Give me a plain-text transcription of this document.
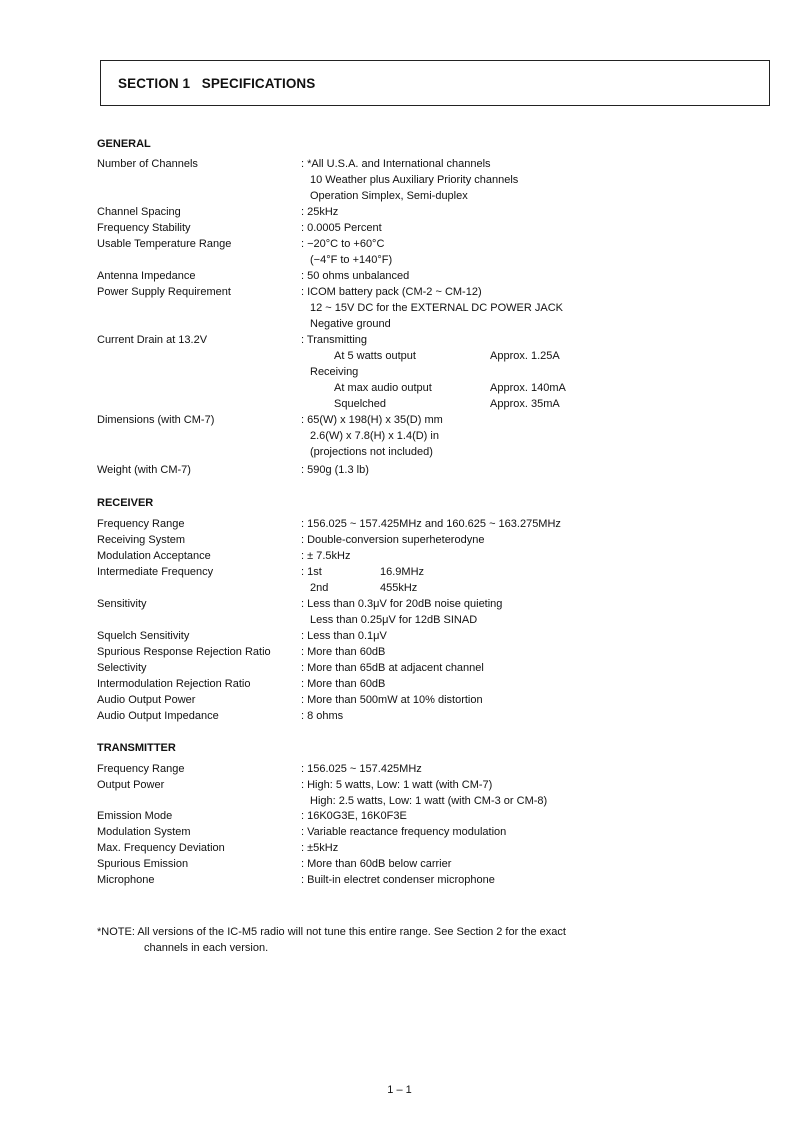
SECTION 1   SPECIFICATIONS
GENERAL
Number of Channels	: *All U.S.A. and International channels
10 Weather plus Auxiliary Priority channels
Operation Simplex, Semi-duplex
Channel Spacing	: 25kHz
Frequency Stability	: 0.0005 Percent
Usable Temperature Range	: −20°C to +60°C
(−4°F to +140°F)
Antenna Impedance	: 50 ohms unbalanced
Power Supply Requirement	: ICOM battery pack (CM-2 ~ CM-12)
12 ~ 15V DC for the EXTERNAL DC POWER JACK
Negative ground
Current Drain at 13.2V	: Transmitting
At 5 watts output	Approx. 1.25A
Receiving
At max audio output	Approx. 140mA
Squelched	Approx. 35mA
Dimensions (with CM-7)	: 65(W) x 198(H) x 35(D) mm
2.6(W) x 7.8(H) x 1.4(D) in
(projections not included)
Weight (with CM-7)	: 590g (1.3 lb)
RECEIVER
Frequency Range	: 156.025 ~ 157.425MHz and 160.625 ~ 163.275MHz
Receiving System	: Double-conversion superheterodyne
Modulation Acceptance	: ± 7.5kHz
Intermediate Frequency	: 1st	16.9MHz
2nd	455kHz
Sensitivity	: Less than 0.3μV for 20dB noise quieting
Less than 0.25μV for 12dB SINAD
Squelch Sensitivity	: Less than 0.1μV
Spurious Response Rejection Ratio	: More than 60dB
Selectivity	: More than 65dB at adjacent channel
Intermodulation Rejection Ratio	: More than 60dB
Audio Output Power	: More than 500mW at 10% distortion
Audio Output Impedance	: 8 ohms
TRANSMITTER
Frequency Range	: 156.025 ~ 157.425MHz
Output Power	: High: 5 watts, Low: 1 watt (with CM-7)
High: 2.5 watts, Low: 1 watt (with CM-3 or CM-8)
Emission Mode	: 16K0G3E, 16K0F3E
Modulation System	: Variable reactance frequency modulation
Max. Frequency Deviation	: ±5kHz
Spurious Emission	: More than 60dB below carrier
Microphone	: Built-in electret condenser microphone
*NOTE: All versions of the IC-M5 radio will not tune this entire range. See Section 2 for the exact
channels in each version.
1 – 1
